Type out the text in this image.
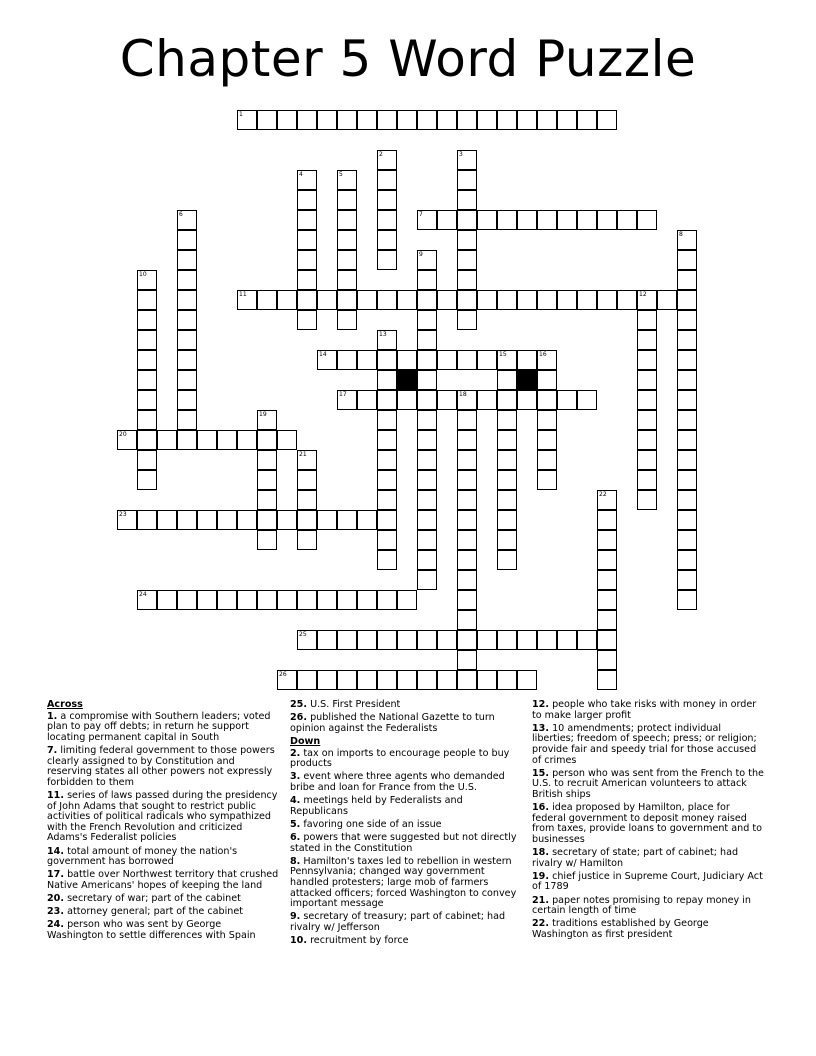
Chapter 5 Word Puzzle
1
2	3
4	5
6	7
8
9
10
11	12
13
14	15	16
17	18
19
20
21
22
23
24
25
26
Across
1. a compromise with Southern leaders; voted plan to pay off debts; in return he support locating permanent capital in South
7. limiting federal government to those powers clearly assigned to by Constitution and reserving states all other powers not expressly forbidden to them
11. series of laws passed during the presidency of John Adams that sought to restrict public activities of political radicals who sympathized with the French Revolution and criticized Adams's Federalist policies
14. total amount of money the nation's government has borrowed
17. battle over Northwest territory that crushed Native Americans' hopes of keeping the land
20. secretary of war; part of the cabinet
23. attorney general; part of the cabinet
24. person who was sent by George Washington to settle differences with Spain
25. U.S. First President
26. published the National Gazette to turn opinion against the Federalists
Down
2. tax on imports to encourage people to buy products
3. event where three agents who demanded bribe and loan for France from the U.S.
4. meetings held by Federalists and Republicans
5. favoring one side of an issue
6. powers that were suggested but not directly stated in the Constitution
8. Hamilton's taxes led to rebellion in western Pennsylvania; changed way government handled protesters; large mob of farmers attacked officers; forced Washington to convey important message
9. secretary of treasury; part of cabinet; had rivalry w/ Jefferson
10. recruitment by force
12. people who take risks with money in order to make larger profit
13. 10 amendments; protect individual liberties; freedom of speech; press; or religion; provide fair and speedy trial for those accused of crimes
15. person who was sent from the French to the U.S. to recruit American volunteers to attack British ships
16. idea proposed by Hamilton, place for federal government to deposit money raised from taxes, provide loans to government and to businesses
18. secretary of state; part of cabinet; had rivalry w/ Hamilton
19. chief justice in Supreme Court, Judiciary Act of 1789
21. paper notes promising to repay money in certain length of time
22. traditions established by George Washington as first president
